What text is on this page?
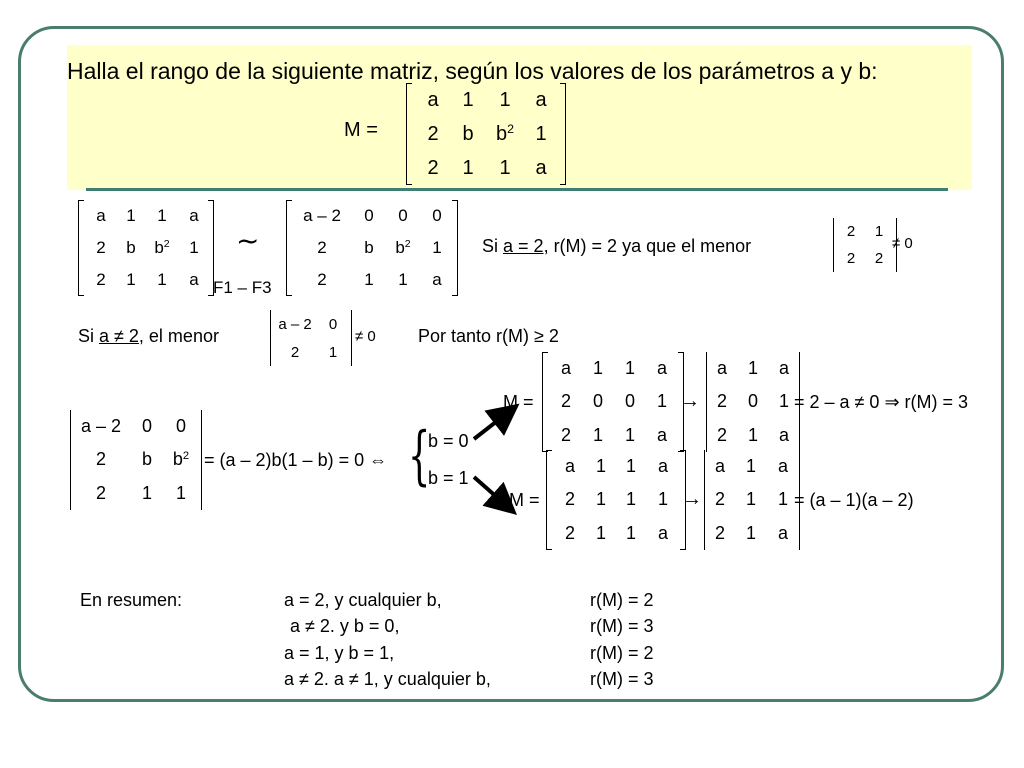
Halla el rango de la siguiente matriz, según los valores de los parámetros a y b:
M =
a	1	1	a
2	b	$b^2$	1
2	1	1	a
a	1	1	a
2	b	$b^2$	1
2	1	1	a
~
F1 – F3
a – 2	0	0	0
2	b	$b^2$	1
2	1	1	a
Si a = 2, r(M) = 2 ya que el menor
2	1
2	2
≠ 0
Si a ≠ 2, el menor
a – 2	0
2	1
≠ 0 Por tanto r(M) ≥ 2
a – 2	0	0
2	b	$b^2$
2	1	1
= (a – 2)b(1 – b) = 0 ⇔ {
b = 0
b = 1
M =
a	1	1	a
2	0	0	1
2	1	1	a
→
a	1	a
2	0	1
2	1	a
= 2 – a ≠ 0 ⇒ r(M) = 3
M =
a	1	1	a
2	1	1	1
2	1	1	a
→
a	1	a
2	1	1
2	1	a
= (a – 1)(a – 2)
En resumen:	a = 2, y cualquier b,	r(M) = 2
a ≠ 2. y b = 0,	r(M) = 3
a = 1, y b = 1,	r(M) = 2
a ≠ 2. a ≠ 1, y cualquier b,	r(M) = 3
